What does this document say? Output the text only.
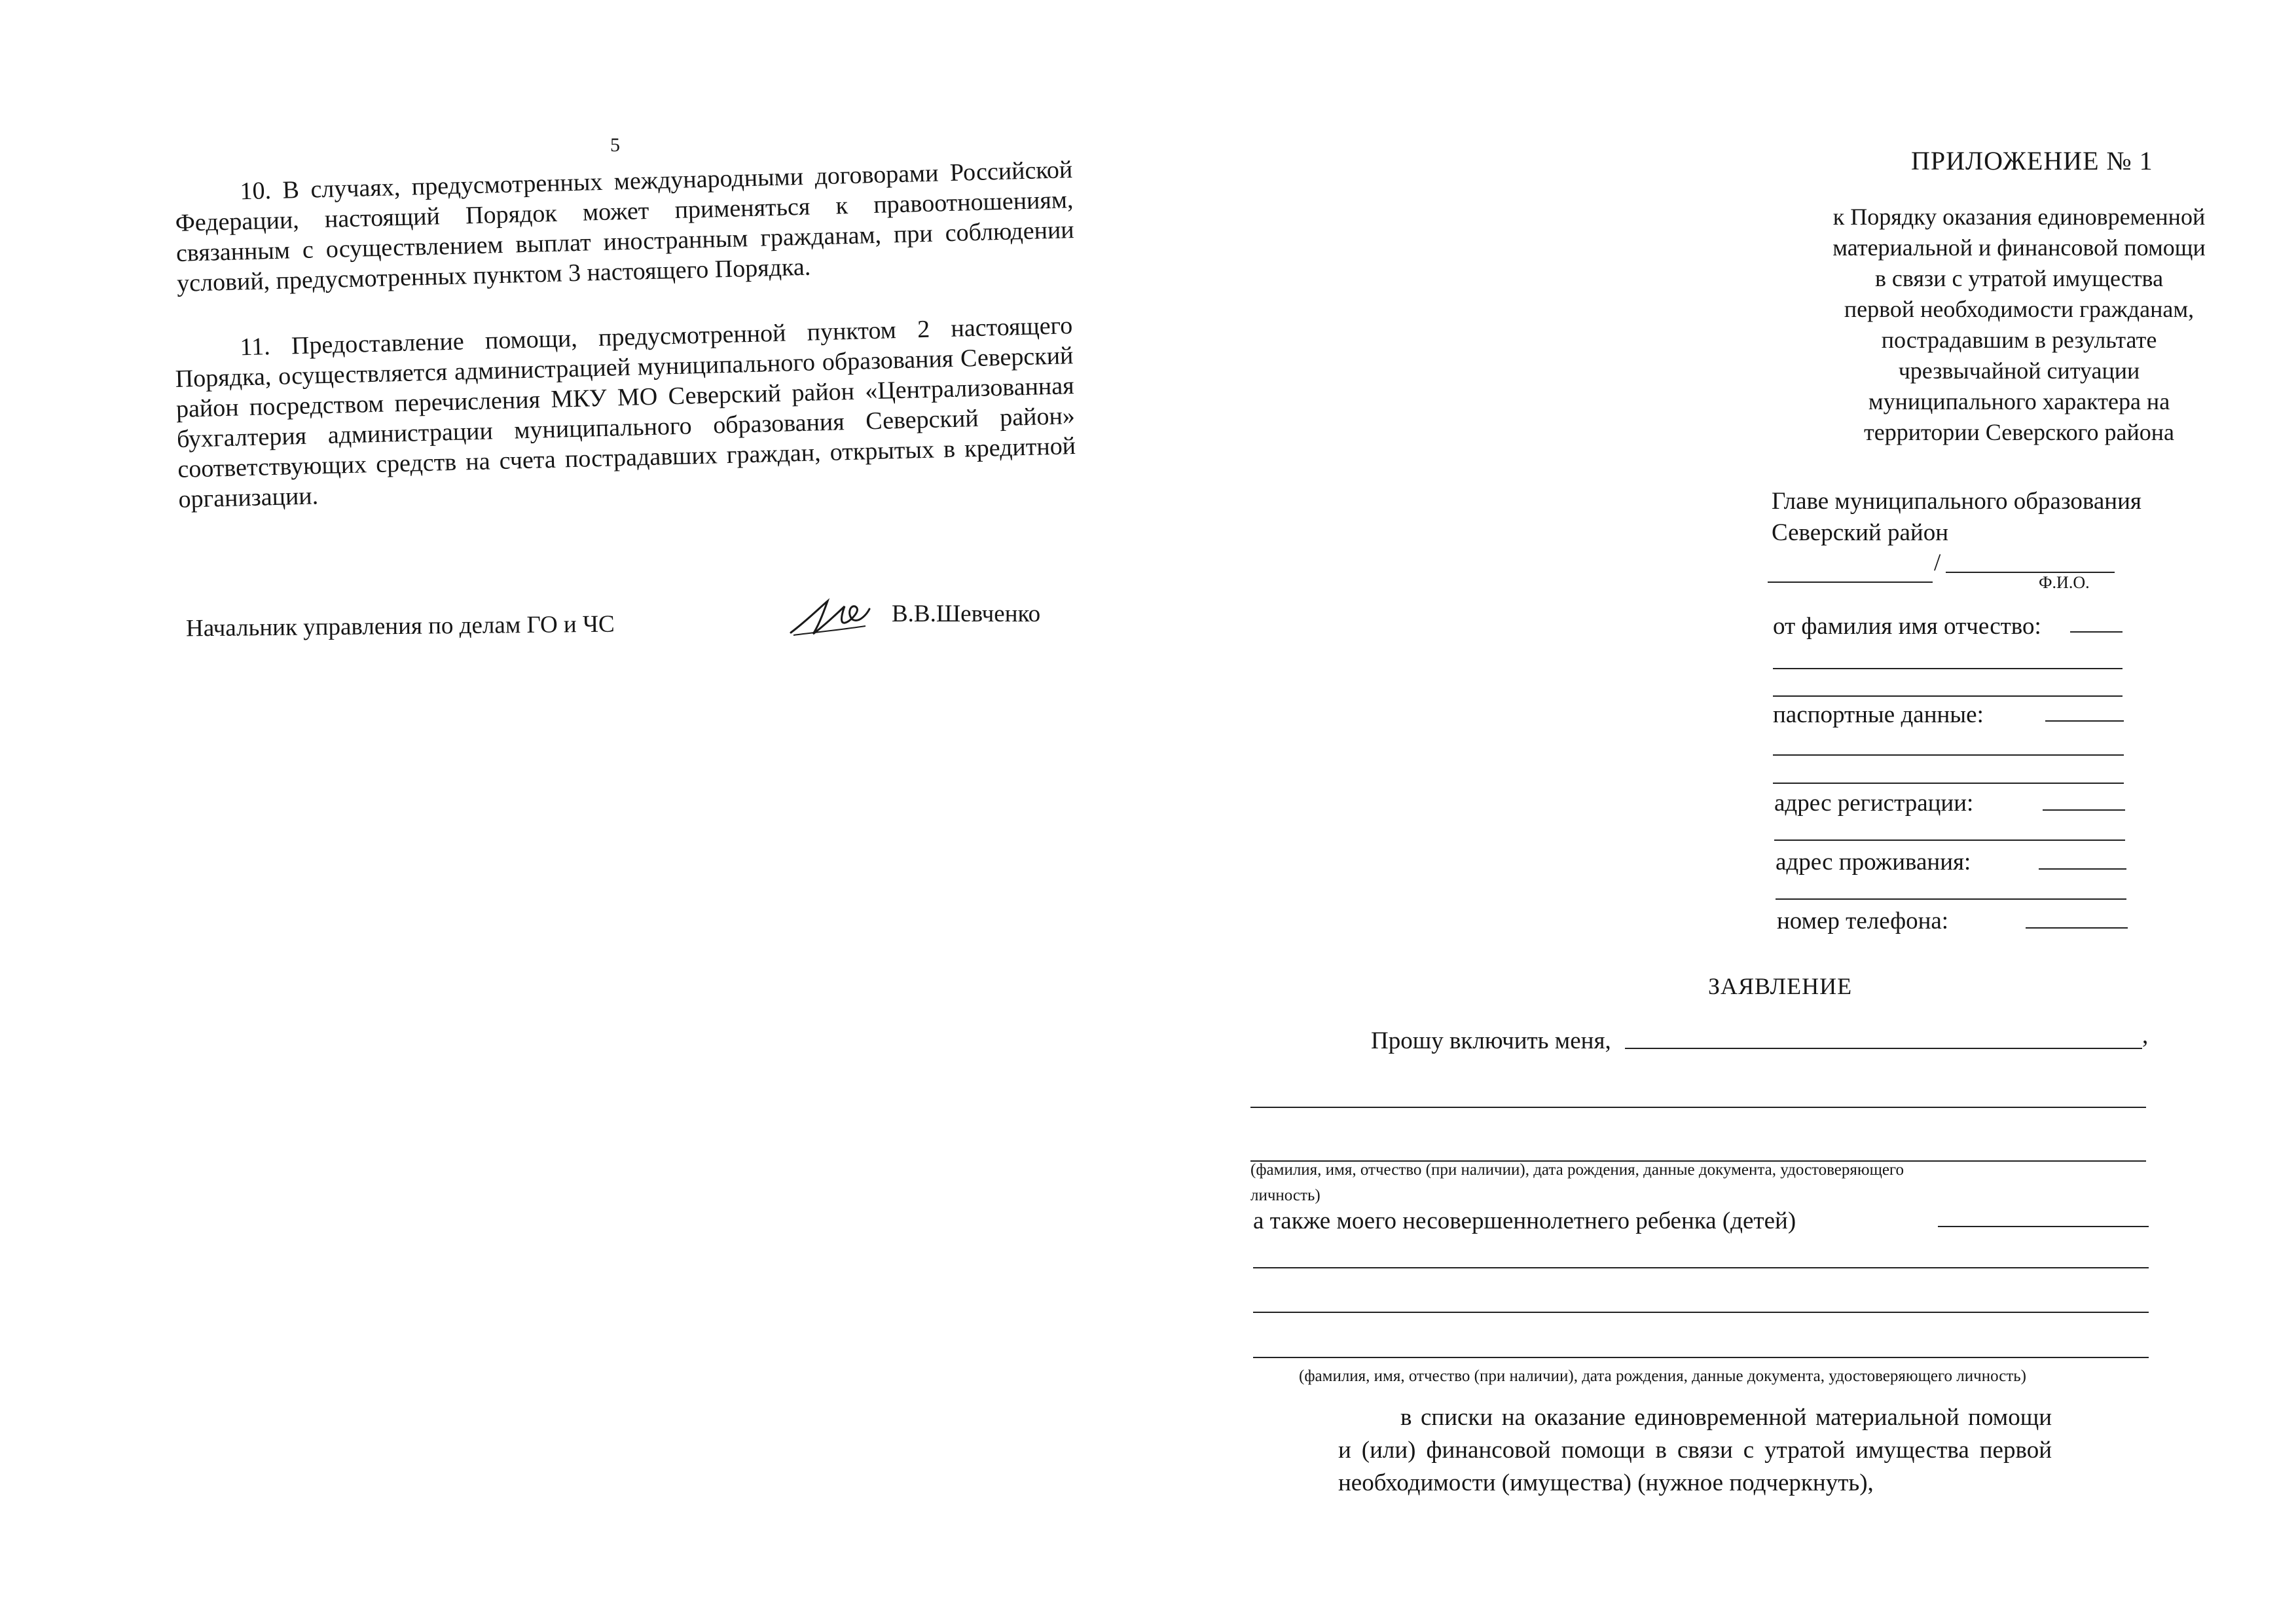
5
10. В случаях, предусмотренных международными договорами Российской Федерации, настоящий Порядок может применяться к правоотношениям, связанным с осуществлением выплат иностранным гражданам, при соблюдении условий, предусмотренных пунктом 3 настоящего Порядка.
11. Предоставление помощи, предусмотренной пунктом 2 настоящего Порядка, осуществляется администрацией муниципального образования Северский район посредством перечисления МКУ МО Северский район «Централизованная бухгалтерия администрации муниципального образования Северский район» соответствующих средств на счета пострадавших граждан, открытых в кредитной организации.
Начальник управления по делам ГО и ЧС	В.В.Шевченко
ПРИЛОЖЕНИЕ № 1
к Порядку оказания единовременной
материальной и финансовой помощи
в связи с утратой имущества
первой необходимости гражданам,
пострадавшим в результате
чрезвычайной ситуации
муниципального характера на
территории Северского района
Главе муниципального образования
Северский район
/
Ф.И.О.
от фамилия имя отчество:
паспортные данные:
адрес регистрации:
адрес проживания:
номер телефона:
ЗАЯВЛЕНИЕ
Прошу включить меня,	,
(фамилия, имя, отчество (при наличии), дата рождения, данные документа, удостоверяющего
личность)
а также моего несовершеннолетнего ребенка (детей)
(фамилия, имя, отчество (при наличии), дата рождения, данные документа, удостоверяющего личность)
в списки на оказание единовременной материальной помощи и (или) финансовой помощи в связи с утратой имущества первой необходимости (имущества) (нужное подчеркнуть),
